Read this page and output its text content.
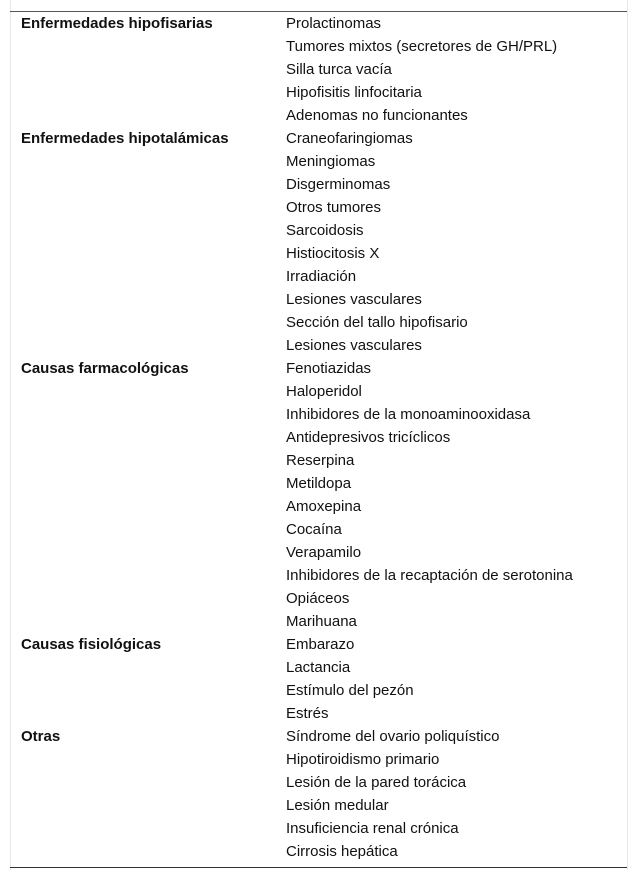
Enfermedades hipofisarias	Prolactinomas
	Tumores mixtos (secretores de GH/PRL)
	Silla turca vacía
	Hipofisitis linfocitaria
	Adenomas no funcionantes
Enfermedades hipotalámicas	Craneofaringiomas
	Meningiomas
	Disgerminomas
	Otros tumores
	Sarcoidosis
	Histiocitosis X
	Irradiación
	Lesiones vasculares
	Sección del tallo hipofisario
	Lesiones vasculares
Causas farmacológicas	Fenotiazidas
	Haloperidol
	Inhibidores de la monoaminooxidasa
	Antidepresivos tricíclicos
	Reserpina
	Metildopa
	Amoxepina
	Cocaína
	Verapamilo
	Inhibidores de la recaptación de serotonina
	Opiáceos
	Marihuana
Causas fisiológicas	Embarazo
	Lactancia
	Estímulo del pezón
	Estrés
Otras	Síndrome del ovario poliquístico
	Hipotiroidismo primario
	Lesión de la pared torácica
	Lesión medular
	Insuficiencia renal crónica
	Cirrosis hepática
